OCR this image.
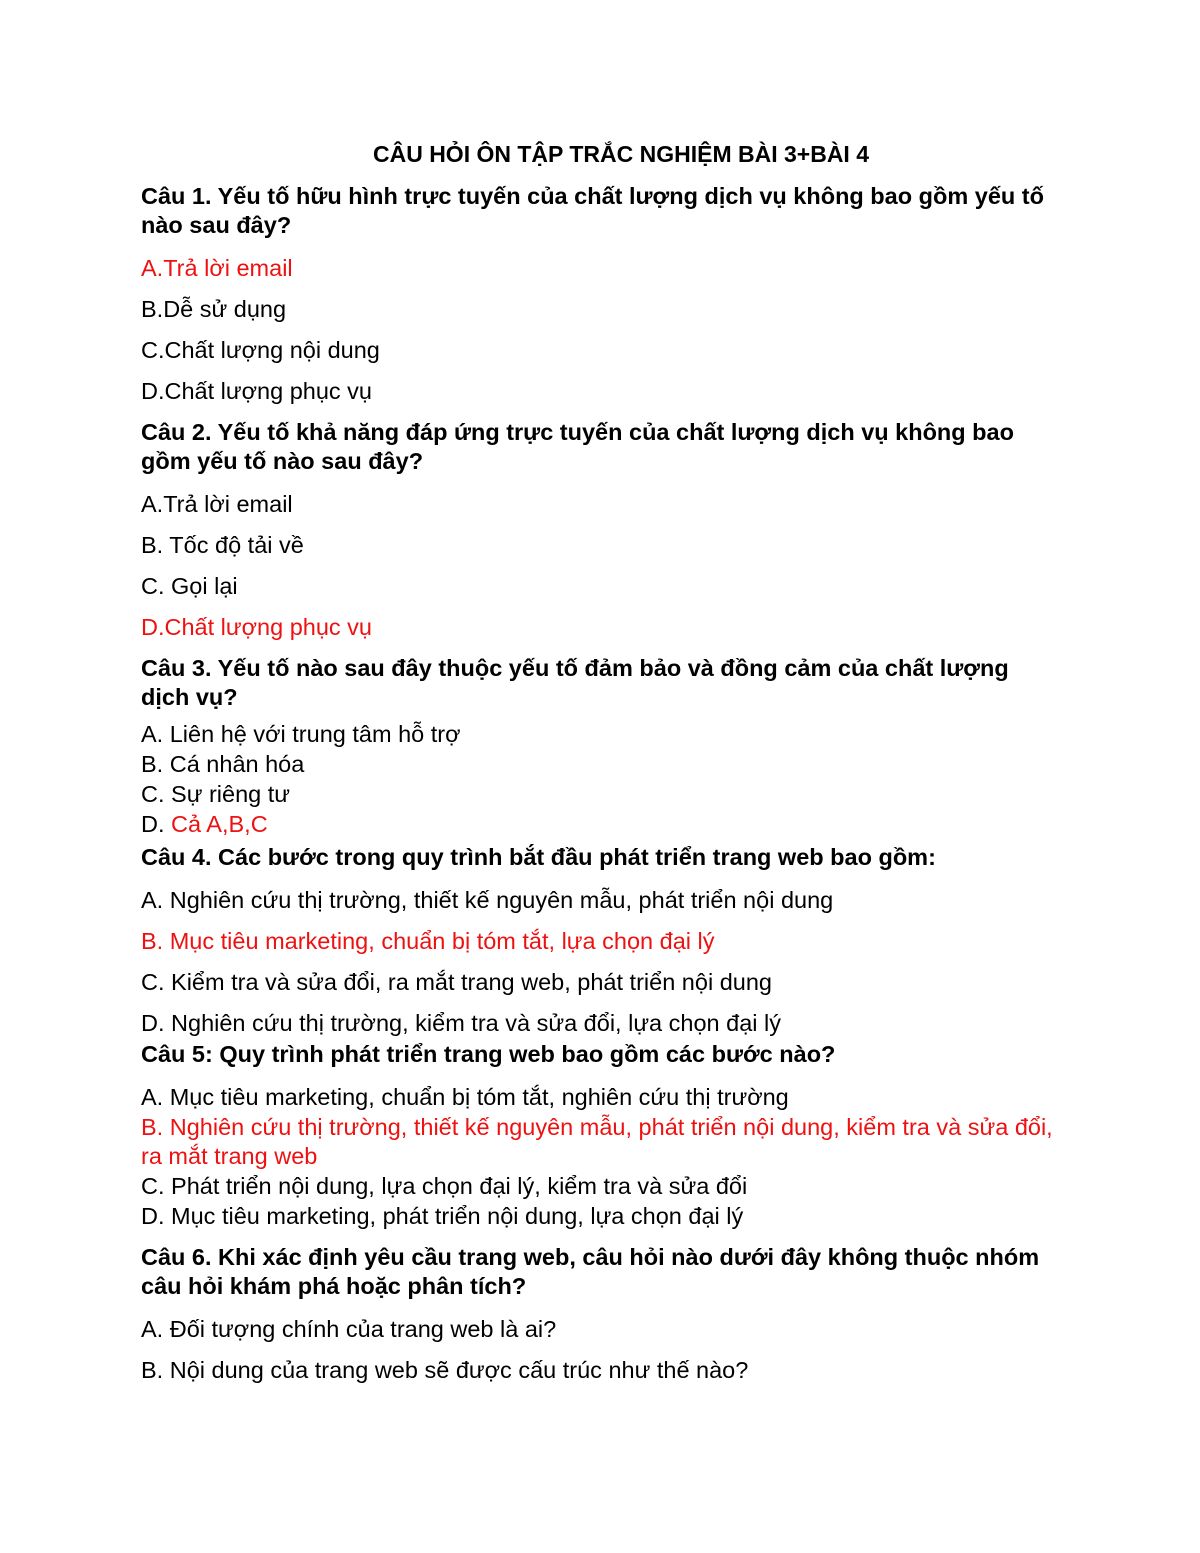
CÂU HỎI ÔN TẬP TRẮC NGHIỆM BÀI 3+BÀI 4
Câu 1. Yếu tố hữu hình trực tuyến của chất lượng dịch vụ không bao gồm yếu tố nào sau đây?
A.Trả lời email
B.Dễ sử dụng
C.Chất lượng nội dung
D.Chất lượng phục vụ
Câu 2. Yếu tố khả năng đáp ứng trực tuyến của chất lượng dịch vụ không bao gồm yếu tố nào sau đây?
A.Trả lời email
B. Tốc độ tải về
C. Gọi lại
D.Chất lượng phục vụ
Câu 3. Yếu tố nào sau đây thuộc yếu tố đảm bảo và đồng cảm của chất lượng dịch vụ?
A. Liên hệ với trung tâm hỗ trợ
B. Cá nhân hóa
C. Sự riêng tư
D. Cả A,B,C
Câu 4. Các bước trong quy trình bắt đầu phát triển trang web bao gồm:
A. Nghiên cứu thị trường, thiết kế nguyên mẫu, phát triển nội dung
B. Mục tiêu marketing, chuẩn bị tóm tắt, lựa chọn đại lý
C. Kiểm tra và sửa đổi, ra mắt trang web, phát triển nội dung
D. Nghiên cứu thị trường, kiểm tra và sửa đổi, lựa chọn đại lý
Câu 5: Quy trình phát triển trang web bao gồm các bước nào?
A. Mục tiêu marketing, chuẩn bị tóm tắt, nghiên cứu thị trường
B. Nghiên cứu thị trường, thiết kế nguyên mẫu, phát triển nội dung, kiểm tra và sửa đổi, ra mắt trang web
C. Phát triển nội dung, lựa chọn đại lý, kiểm tra và sửa đổi
D. Mục tiêu marketing, phát triển nội dung, lựa chọn đại lý
Câu 6. Khi xác định yêu cầu trang web, câu hỏi nào dưới đây không thuộc nhóm câu hỏi khám phá hoặc phân tích?
A. Đối tượng chính của trang web là ai?
B. Nội dung của trang web sẽ được cấu trúc như thế nào?
